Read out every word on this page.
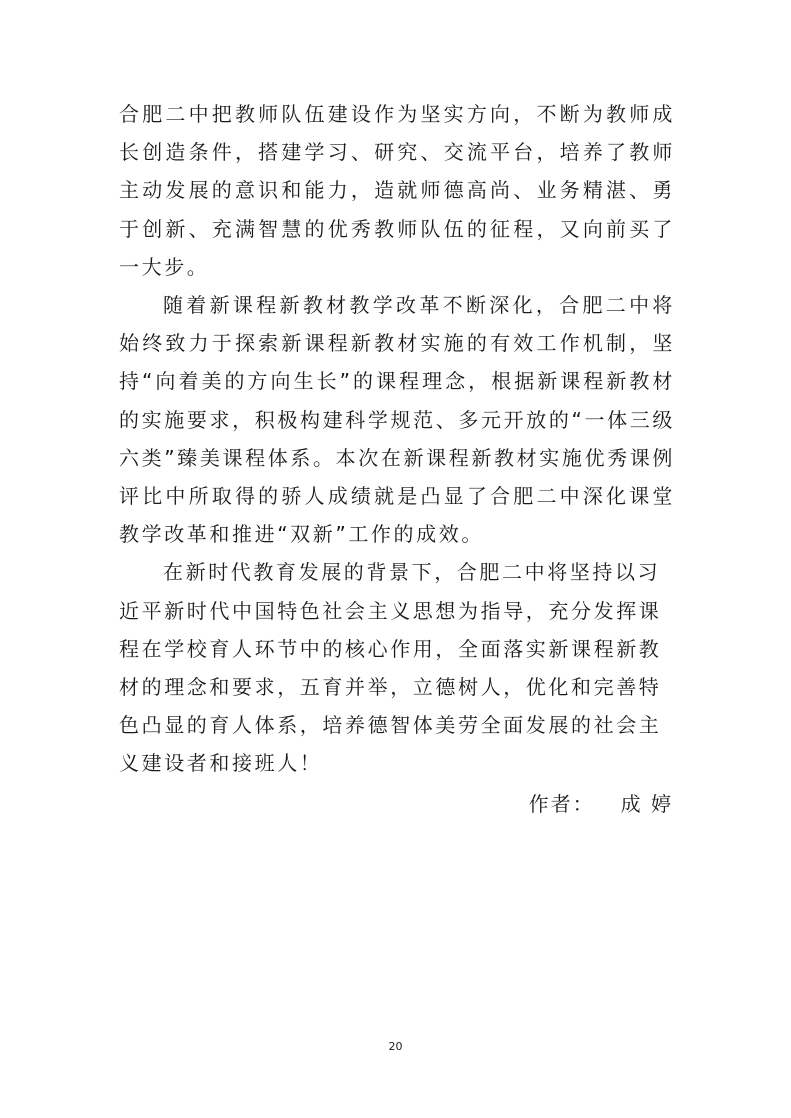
合肥二中把教师队伍建设作为坚实方向，不断为教师成长创造条件，搭建学习、研究、交流平台，培养了教师主动发展的意识和能力，造就师德高尚、业务精湛、勇于创新、充满智慧的优秀教师队伍的征程，又向前买了一大步。

随着新课程新教材教学改革不断深化，合肥二中将始终致力于探索新课程新教材实施的有效工作机制，坚持“向着美的方向生长”的课程理念，根据新课程新教材的实施要求，积极构建科学规范、多元开放的“一体三级六类”臻美课程体系。本次在新课程新教材实施优秀课例评比中所取得的骄人成绩就是凸显了合肥二中深化课堂教学改革和推进“双新”工作的成效。

在新时代教育发展的背景下，合肥二中将坚持以习近平新时代中国特色社会主义思想为指导，充分发挥课程在学校育人环节中的核心作用，全面落实新课程新教材的理念和要求，五育并举，立德树人，优化和完善特色凸显的育人体系，培养德智体美劳全面发展的社会主义建设者和接班人！

作者： 成 婷
20
